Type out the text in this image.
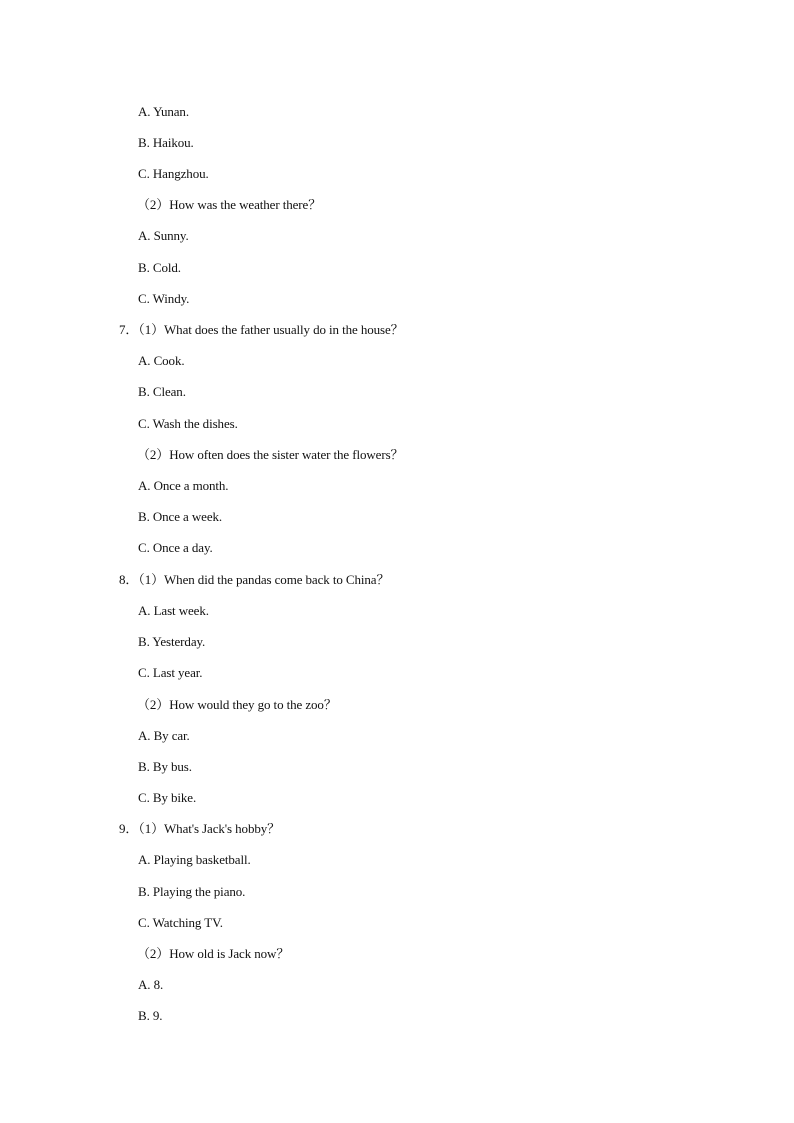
A. Yunan.
B. Haikou.
C. Hangzhou.
（2）How was the weather there？
A. Sunny.
B. Cold.
C. Windy.
7．（1）What does the father usually do in the house？
A. Cook.
B. Clean.
C. Wash the dishes.
（2）How often does the sister water the flowers？
A. Once a month.
B. Once a week.
C. Once a day.
8．（1）When did the pandas come back to China？
A. Last week.
B. Yesterday.
C. Last year.
（2）How would they go to the zoo？
A. By car.
B. By bus.
C. By bike.
9．（1）What's Jack's hobby？
A. Playing basketball.
B. Playing the piano.
C. Watching TV.
（2）How old is Jack now？
A. 8.
B. 9.
